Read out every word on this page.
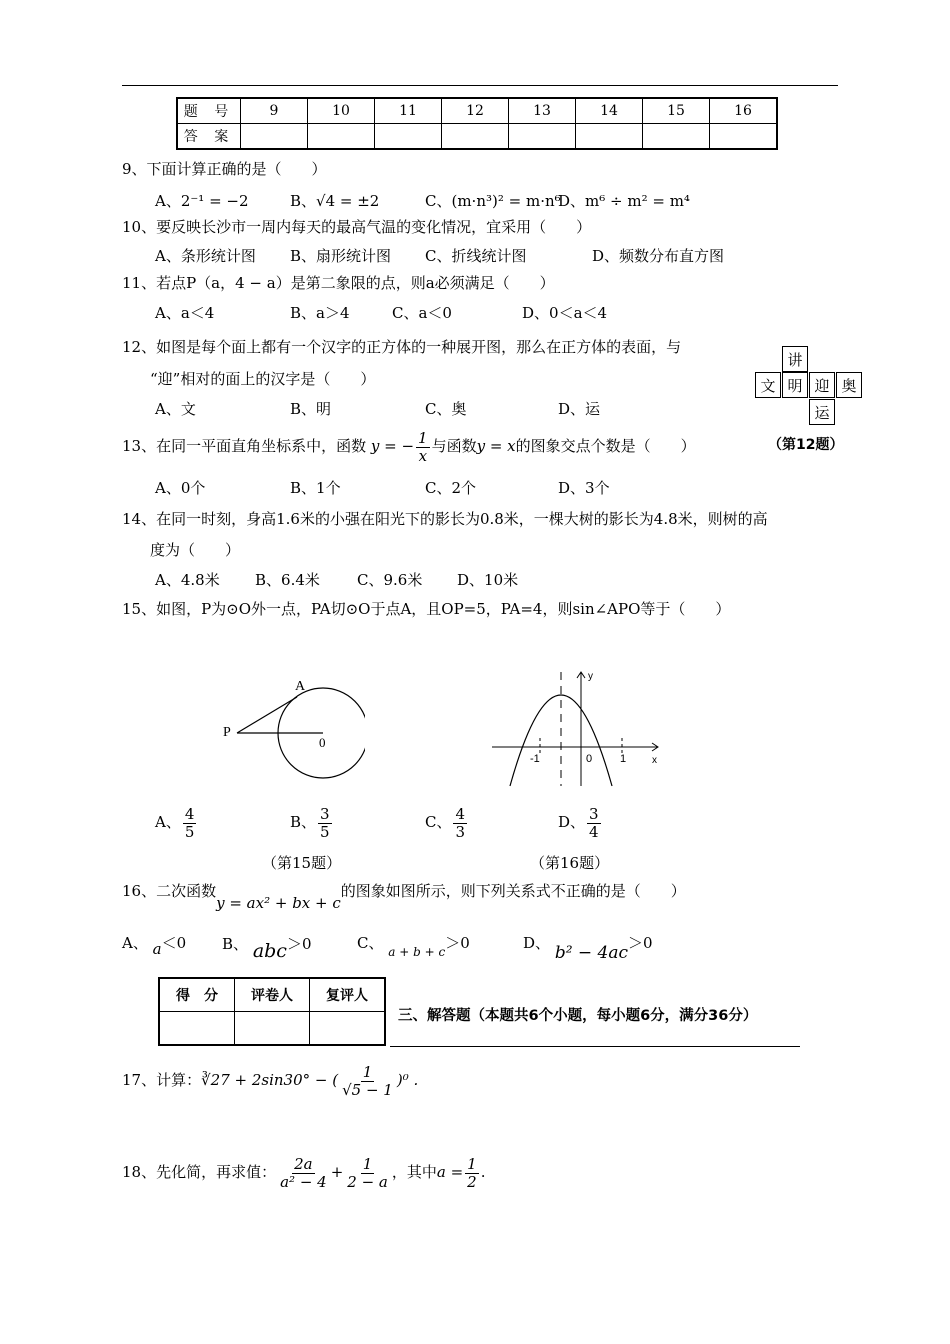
题 号	9	10	11	12	13	14	15	16
答 案								
9、下面计算正确的是（　　）
A、2⁻¹ = −2	B、√4 = ±2	C、(m·n³)² = m·n⁶
D、m⁶ ÷ m² = m⁴
10、要反映长沙市一周内每天的最高气温的变化情况，宜采用（　　）
A、条形统计图 B、扇形统计图 C、折线统计图	D、频数分布直方图
11、若点P（a，4 − a）是第二象限的点，则a必须满足（　　）
A、a＜4	B、a＞4	C、a＜0	D、0＜a＜4
12、如图是每个面上都有一个汉字的正方体的一种展开图，那么在正方体的表面，与
“迎”相对的面上的汉字是（　　）
A、文	B、明	C、奥	D、运
讲
文 明 迎 奥
运
（第12题）
13、在同一平面直角坐标系中，函数 y = − $\frac{1}{x}$ 与函数y = x的图象交点个数是（　　）
A、0个	B、1个	C、2个	D、3个
14、在同一时刻，身高1.6米的小强在阳光下的影长为0.8米，一棵大树的影长为4.8米，则树的高
度为（　　）
A、4.8米 B、6.4米 C、9.6米 D、10米
15、如图，P为⊙O外一点，PA切⊙O于点A，且OP=5，PA=4，则sin∠APO等于（　　）
A
P
0
y
x
-1	0	1
A、 $\frac{4}{5}$	B、 $\frac{3}{5}$	C、 $\frac{4}{3}$	D、 $\frac{3}{4}$
（第15题）	（第16题）
16、二次函数y = ax² + bx + c的图象如图所示，则下列关系式不正确的是（　　）
A、 a＜0 B、 abc＞0	C、 $_{a + b + c}$＞0	D、 b² − 4ac＞0
得　分	评卷人	复评人

三、解答题（本题共6个小题，每小题6分，满分36分）
17、计算：∛27 + 2sin30° − ( $\frac{1}{√5 - 1} )^0$ .
18、先化简，再求值： $\frac{2a}{\text{a² − 4}} + \frac{1}{2 - a}$ ，其中$a = \frac{1}{2}$ .
